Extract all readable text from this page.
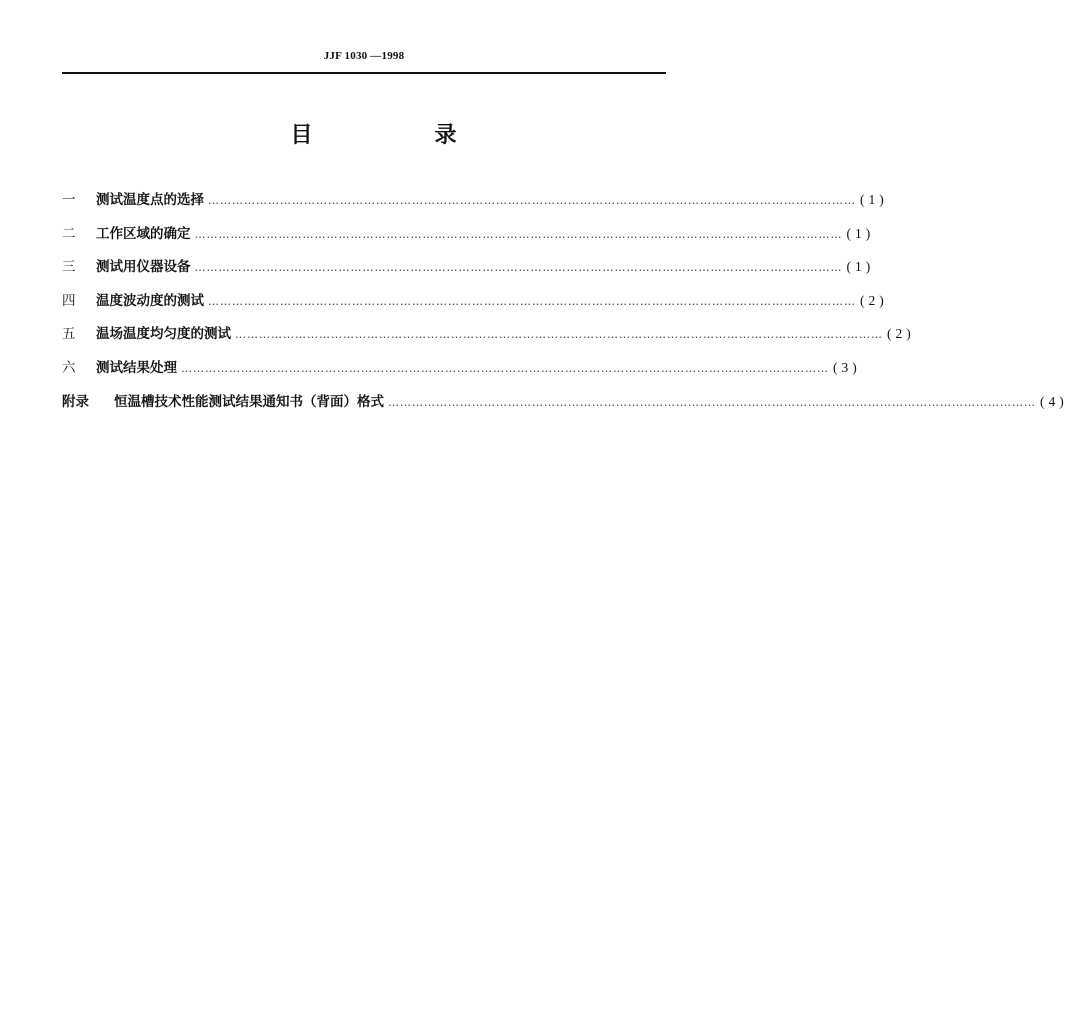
JJF 1030 —1998
目　录
一	测试温度点的选择 ……………………………………………………………………………………………………………………………………………… (1)
二	工作区域的确定 ……………………………………………………………………………………………………………………………………………… (1)
三	测试用仪器设备 ……………………………………………………………………………………………………………………………………………… (1)
四	温度波动度的测试 ……………………………………………………………………………………………………………………………………………… (2)
五	温场温度均匀度的测试 ……………………………………………………………………………………………………………………………………………… (2)
六	测试结果处理 ……………………………………………………………………………………………………………………………………………… (3)
附录	恒温槽技术性能测试结果通知书（背面）格式 ……………………………………………………………………………………………………………………………………………… (4)
